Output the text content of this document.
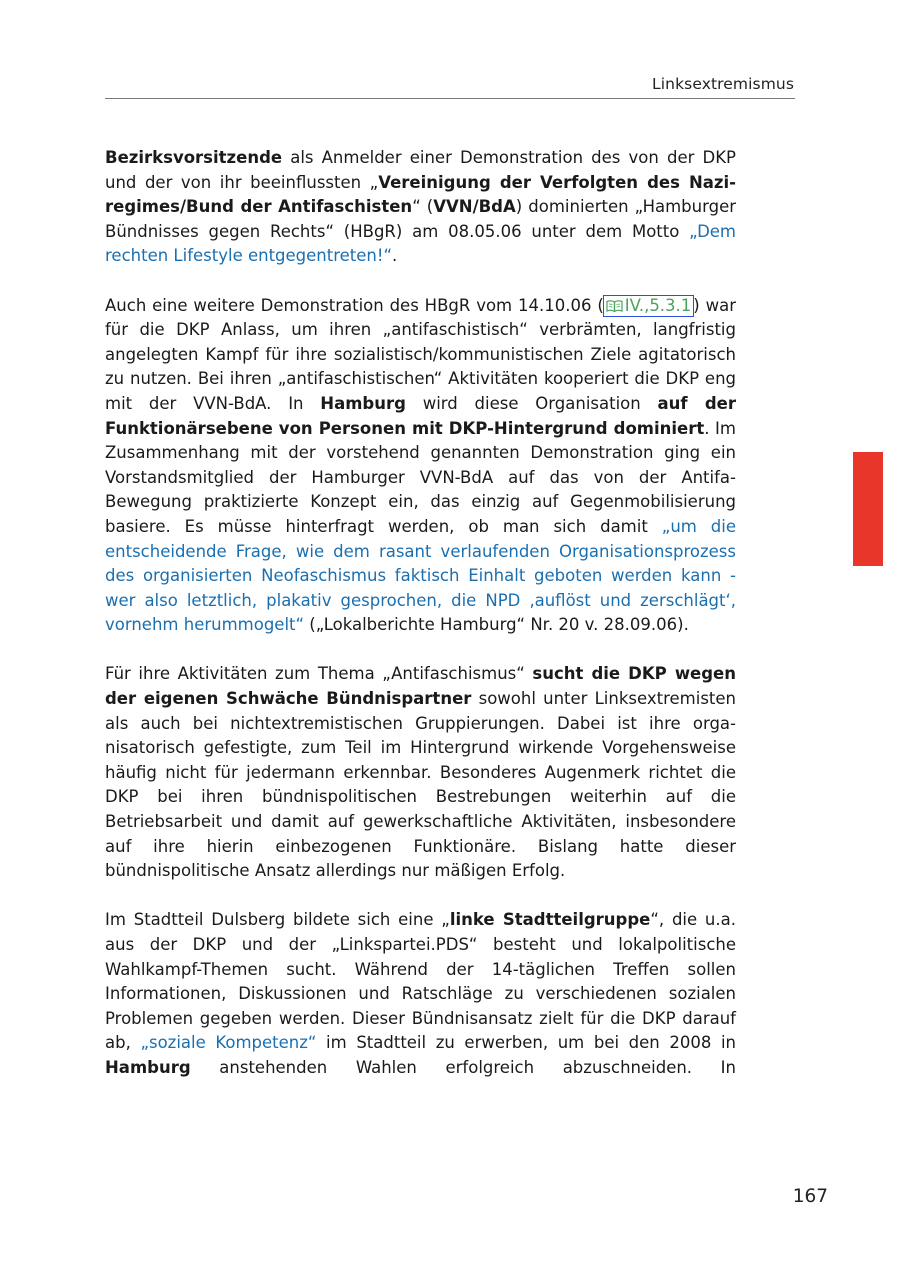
Linksextremismus

Bezirksvorsitzende als Anmelder einer Demonstration des von der DKP und der von ihr beeinflussten „Vereinigung der Verfolgten des Naziregimes/Bund der Antifaschisten“ (VVN/BdA) dominierten „Hamburger Bündnisses gegen Rechts“ (HBgR) am 08.05.06 unter dem Motto „Dem rechten Lifestyle entgegentreten!“.

Auch eine weitere Demonstration des HBgR vom 14.10.06 ( IV.,5.3.1 ) war für die DKP Anlass, um ihren „antifaschistisch“ verbrämten, langfristig angelegten Kampf für ihre sozialistisch/kommunistischen Ziele agitatorisch zu nutzen. Bei ihren „antifaschistischen“ Aktivitäten kooperiert die DKP eng mit der VVN-BdA. In Hamburg wird diese Organisation auf der Funktionärsebene von Personen mit DKP-Hintergrund dominiert. Im Zusammenhang mit der vorstehend genannten Demonstration ging ein Vorstandsmitglied der Hamburger VVN-BdA auf das von der Antifa-Bewegung praktizierte Konzept ein, das einzig auf Gegenmobilisierung basiere. Es müsse hinterfragt werden, ob man sich damit „um die entscheidende Frage, wie dem rasant verlaufenden Organisationsprozess des organisierten Neofaschismus faktisch Einhalt geboten werden kann - wer also letztlich, plakativ gesprochen, die NPD ‚auflöst und zerschlägt‘, vornehm herummogelt“ („Lokalberichte Hamburg“ Nr. 20 v. 28.09.06).

Für ihre Aktivitäten zum Thema „Antifaschismus“ sucht die DKP wegen der eigenen Schwäche Bündnispartner sowohl unter Linksextremisten als auch bei nichtextremistischen Gruppierungen. Dabei ist ihre organisatorisch gefestigte, zum Teil im Hintergrund wirkende Vorgehensweise häufig nicht für jedermann erkennbar. Besonderes Augenmerk richtet die DKP bei ihren bündnispolitischen Bestrebungen weiterhin auf die Betriebsarbeit und damit auf gewerkschaftliche Aktivitäten, insbesondere auf ihre hierin einbezogenen Funktionäre. Bislang hatte dieser bündnispolitische Ansatz allerdings nur mäßigen Erfolg.

Im Stadtteil Dulsberg bildete sich eine „linke Stadtteilgruppe“, die u.a. aus der DKP und der „Linkspartei.PDS“ besteht und lokalpolitische Wahlkampf-Themen sucht. Während der 14-täglichen Treffen sollen Informationen, Diskussionen und Ratschläge zu verschiedenen sozialen Problemen gegeben werden. Dieser Bündnisansatz zielt für die DKP darauf ab, „soziale Kompetenz“ im Stadtteil zu erwerben, um bei den 2008 in Hamburg anstehenden Wahlen erfolgreich abzuschneiden. In

167
